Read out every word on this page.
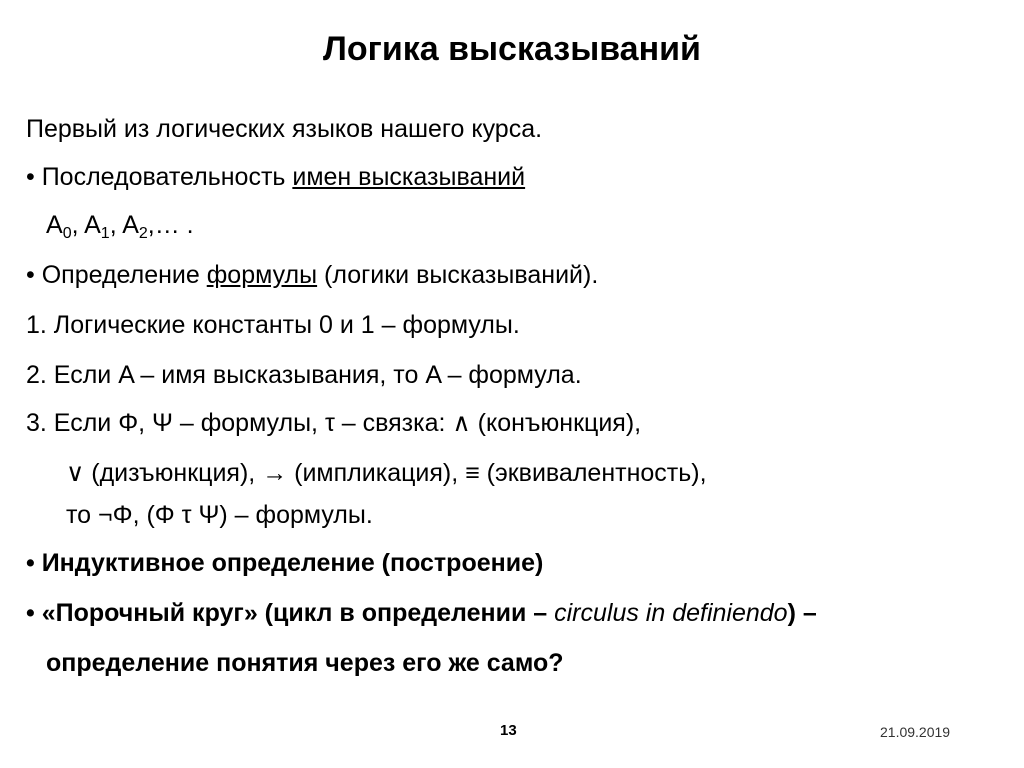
Логика высказываний
Первый из логических языков нашего курса.
• Последовательность имен высказываний
$A_0$, $A_1$, $A_2,\dots$ .
• Определение формулы (логики высказываний).
1. Логические константы 0 и 1 – формулы.
2. Если A – имя высказывания, то A – формула.
3. Если Φ, Ψ – формулы, τ – связка: ∧ (конъюнкция),
∨ (дизъюнкция), → (импликация), ≡ (эквивалентность),
то ¬Φ, (Φ τ Ψ) – формулы.
• Индуктивное определение (построение)
• «Порочный круг» (цикл в определении – circulus in definiendo) –
определение понятия через его же само?
13	21.09.2019
